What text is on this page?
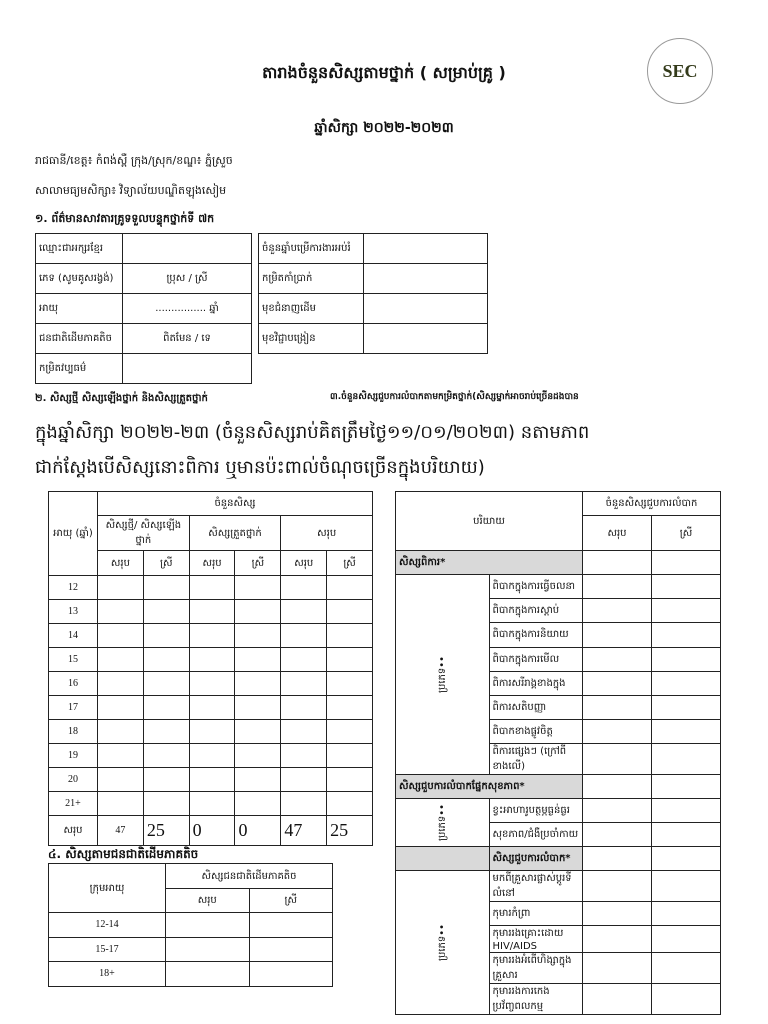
តារាងចំនួនសិស្សតាមថ្នាក់ ( សម្រាប់គ្រូ )	SEC
ឆ្នាំសិក្សា ២០២២-២០២៣
រាជធានី/ខេត្ត៖ កំពង់ស្ពឺ ក្រុង/ស្រុក/ខណ្ឌ៖ ភ្នំស្រួច
សាលាមធ្យមសិក្សា៖ វិទ្យាល័យបណ្ឌិតឡុងសៀម
១. ព័ត៌មានសាវតារគ្រូទទួលបន្ទុកថ្នាក់ទី ៧ក
ឈ្មោះជាអក្សរខ្មែរ	
ភេទ (សូមគូសរង្វង់)	ប្រុស / ស្រី
អាយុ	................ ឆ្នាំ
ជនជាតិដើមភាគតិច	ពិតមែន / ទេ
កម្រិតវប្បធម៌	
ចំនួនឆ្នាំបម្រើការងារអប់រំ	
កម្រិតកាំប្រាក់	
មុខជំនាញដើម	
មុខវិជ្ជាបង្រៀន	
២. សិស្សថ្មី សិស្សឡើងថ្នាក់ និងសិស្សត្រួតថ្នាក់	៣.ចំនួនសិស្សជួបការលំបាកតាមកម្រិតថ្នាក់(សិស្សម្នាក់អាចរាប់ច្រើនដងបាន
ក្នុងឆ្នាំសិក្សា ២០២២-២៣ (ចំនួនសិស្សរាប់គិតត្រឹមថ្ងៃ១១/០១/២០២៣) នតាមភាព
ជាក់ស្តែងបើសិស្សនោះពិការ ឬមានប៉ះពាល់ចំណុចច្រើនក្នុងបរិយាយ)
អាយុ (ឆ្នាំ)	ចំនួនសិស្ស					
	សិស្សថ្មី/ សិស្សឡើងថ្នាក់		សិស្សត្រួតថ្នាក់		សរុប	
	សរុប	ស្រី	សរុប	ស្រី	សរុប	ស្រី
12						
13						
14						
15						
16						
17						
18						
19						
20						
21+						
សរុប	47	25	0	0	47	25
៤. សិស្សតាមជនជាតិដើមភាគតិច
ក្រុមអាយុ	សិស្សជនជាតិដើមភាគតិច	
	សរុប	ស្រី
12-14		
15-17		
18+		
បរិយាយ		ចំនួនសិស្សជួបការលំបាក	
		សរុប	ស្រី
សិស្សពិការ*			

ប្រភេទ••	ពិបាកក្នុងការធ្វើចលនា		
	ពិបាកក្នុងការស្តាប់		
	ពិបាកក្នុងការនិយាយ		
	ពិបាកក្នុងការមើល		
	ពិការសរីរាង្គខាងក្នុង		
	ពិការសតិបញ្ញា		
	ពិបាកខាងផ្លូវចិត្ត		
	ពិការផ្សេងៗ (ក្រៅពីខាងលើ)		
សិស្សជួបការលំបាកផ្នែកសុខភាព*			

ប្រភេទ••	ខ្វះអាហារូបត្ថម្ភធ្ងន់ធ្ងរ		
	សុខភាព/ជំងឺប្រចាំកាយ		
	សិស្សជួបការលំបាក*		

ប្រភេទ••	មកពីគ្រួសារផ្លាស់ប្តូរទីលំនៅ		
	កុមារកំព្រា		
	កុមាររងគ្រោះដោយ HIV/AIDS		
	កុមាររងអំពើហិង្សាក្នុងគ្រួសារ		
	កុមាររងការកេងប្រវ័ញ្ចពលកម្ម		
